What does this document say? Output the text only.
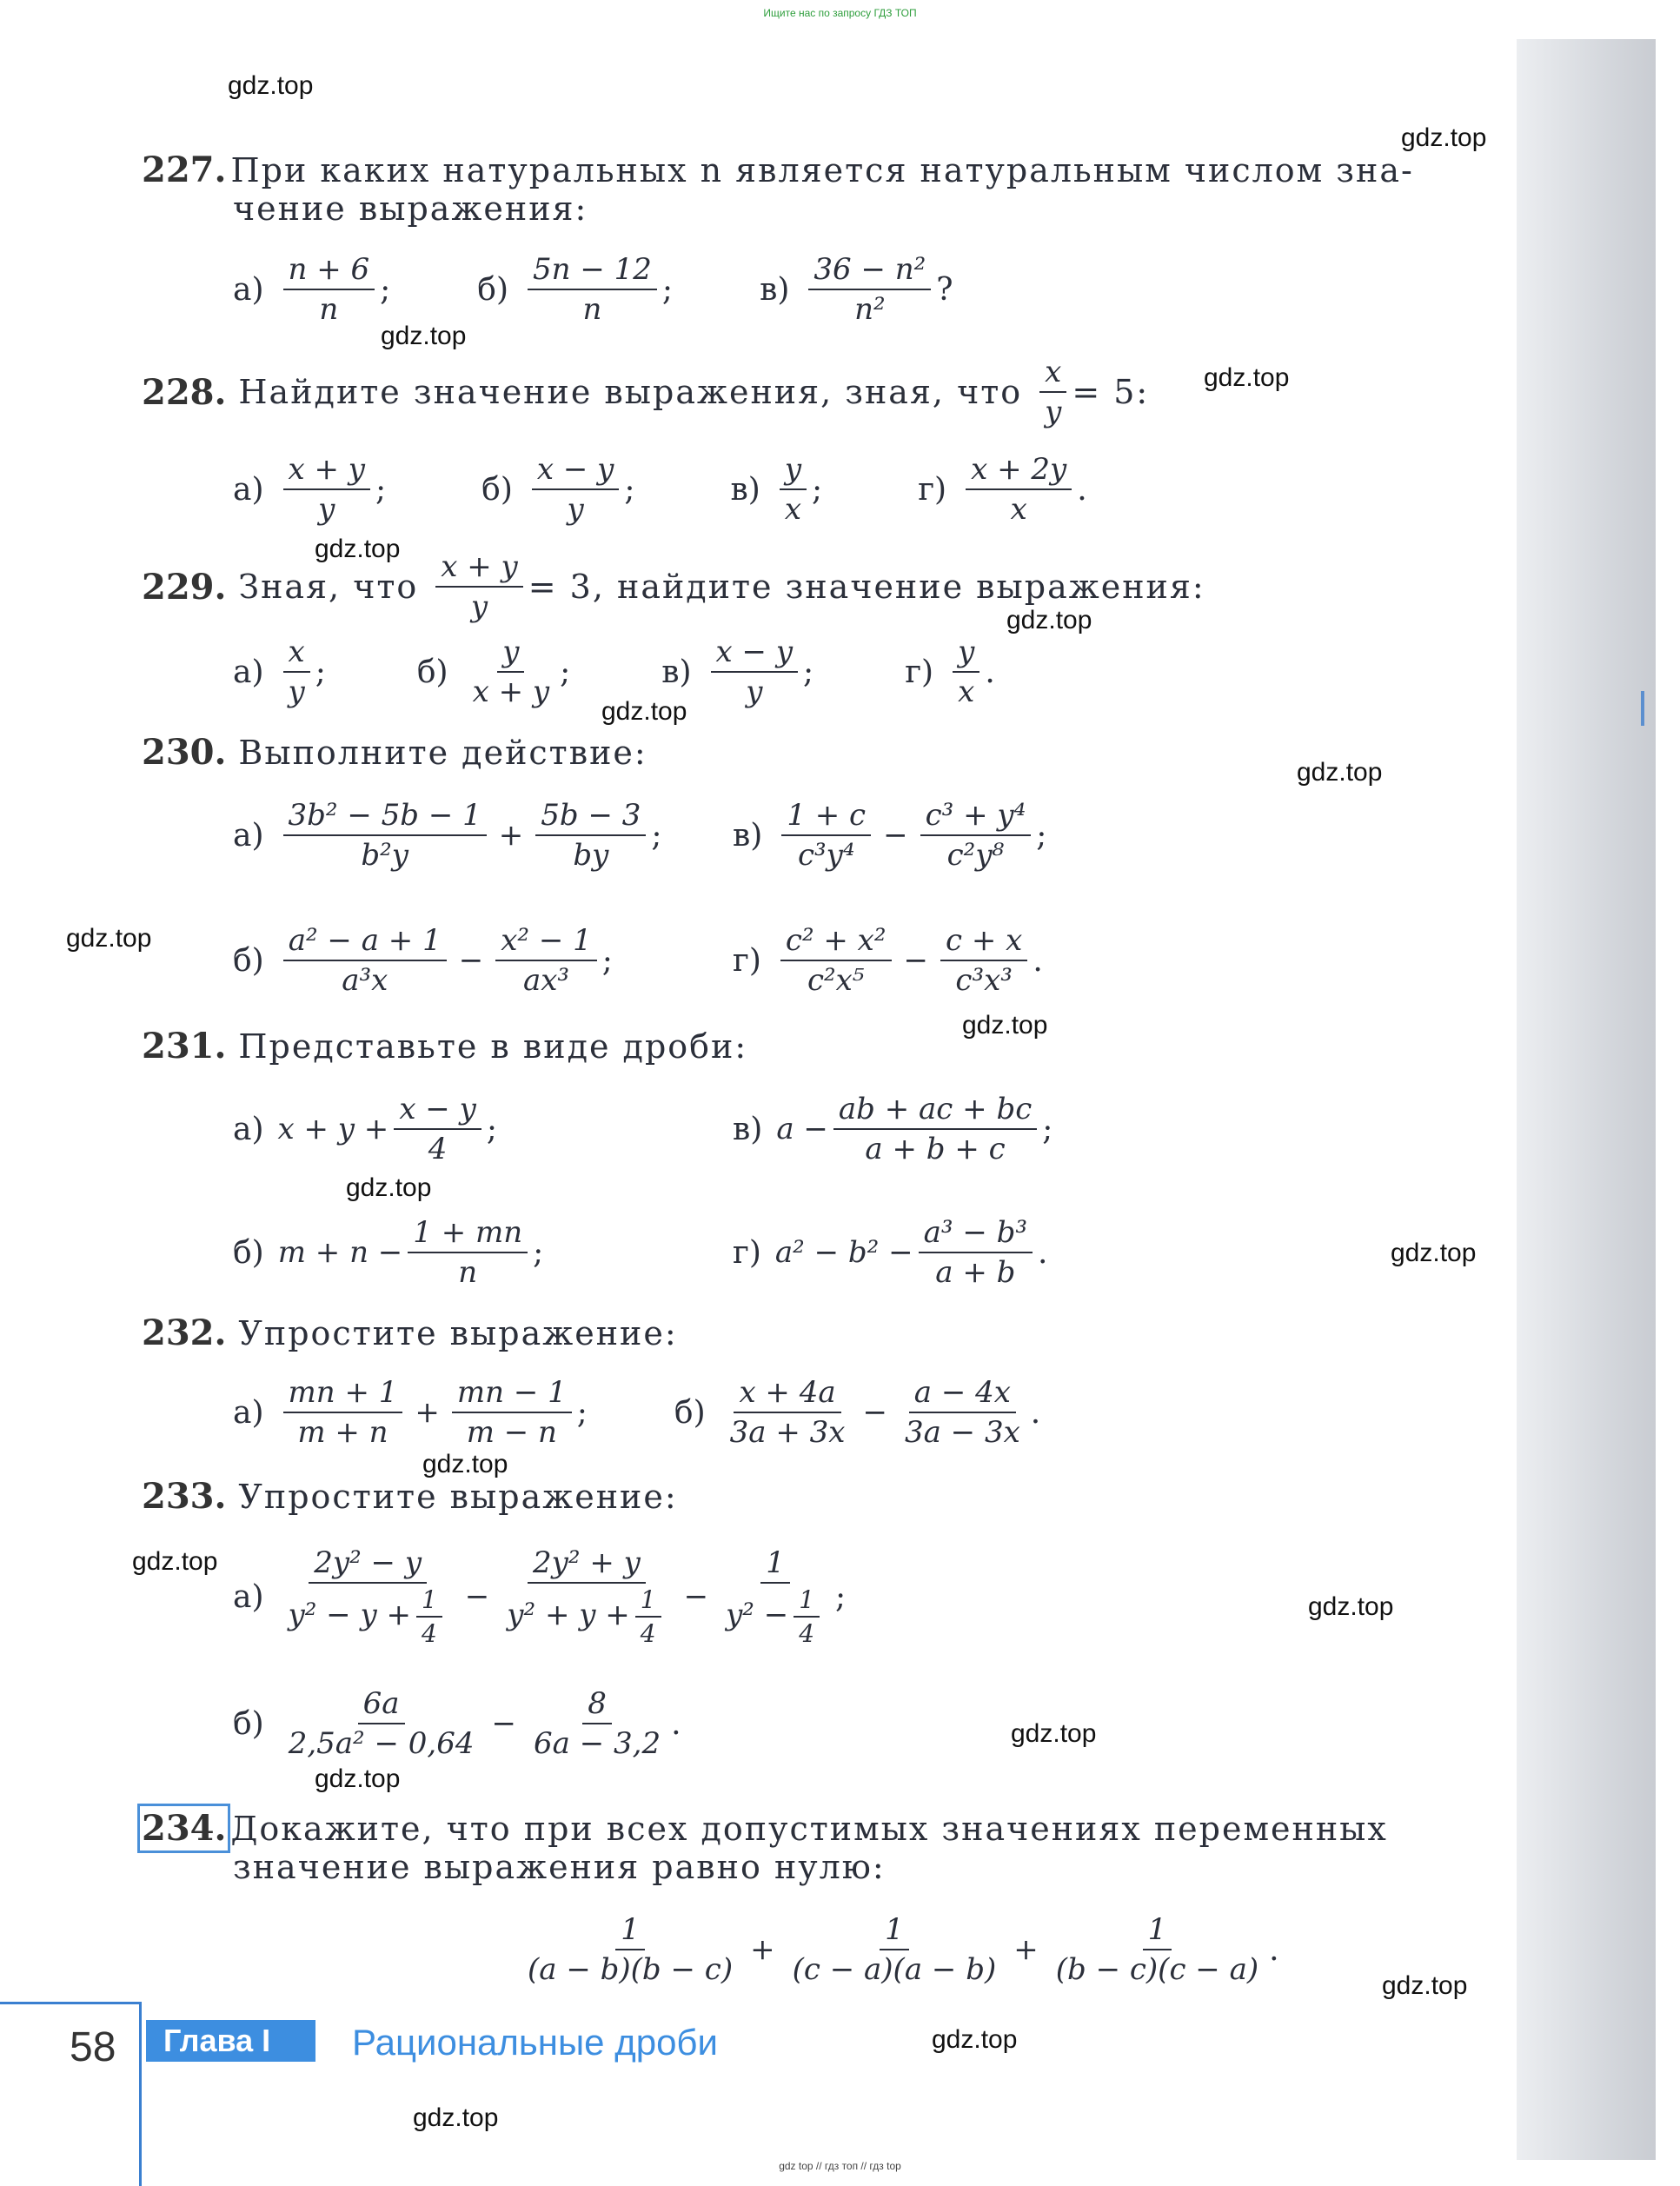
Ищите нас по запросу ГДЗ ТОП
gdz top // гдз топ // гдз top
gdz.top
gdz.top
gdz.top
gdz.top
gdz.top
gdz.top
gdz.top
gdz.top
gdz.top
gdz.top
gdz.top
gdz.top
gdz.top
gdz.top
gdz.top
gdz.top
gdz.top
gdz.top
gdz.top
gdz.top
227. При каких натуральных n является натуральным числом зна-
чение выражения:
$а) \frac{n + 6}{n}$ ;	$б) \frac{5n - 12}{n}$ ;	$в) \frac{\text{36 − n²}}{\text{n²}}$ ?
228. Найдите значение выражения, зная, что $\frac{x}{y} = 5$:
$а) \frac{x + y}{y}$ ;	$б) \frac{x - y}{y}$ ;	$в) \frac{y}{x}$ ;	$г) \frac{x + 2y}{x}$ .
229. Зная, что $\frac{x + y}{y} = 3$, найдите значение выражения:
$а) \frac{x}{y}$ ;	$б) \frac{y}{x + y}$ ;	$в) \frac{x - y}{y}$ ;	$г) \frac{y}{x}$ .
230. Выполните действие:
$а) \frac{\text{3b² − 5b − 1}}{\text{b²y}} + \frac{5b - 3}{by}$ ; $в) \frac{1 + c}{\text{c³y⁴}} - \frac{\text{c³ + y⁴}}{\text{c²y⁸}}$ ;
$б) \frac{\text{a² − a + 1}}{\text{a³x}} - \frac{\text{x² − 1}}{\text{ax³}}$ ;	$г) \frac{\text{c² + x²}}{\text{c²x⁵}} - \frac{c + x}{\text{c³x³}}$ .
231. Представьте в виде дроби:
а) $x + y + \frac{x - y}{4}$ ;	в) $a - \frac{ab + ac + bc}{a + b + c}$ ;
б) $m + n - \frac{1 + mn}{n}$ ;	г) $a^2 - b^2 - \frac{\text{a³ − b³}}{a + b}$ .
232. Упростите выражение:
$а) \frac{mn + 1}{m + n} + \frac{mn - 1}{m - n}$ ;	$б) \frac{x + 4a}{3a + 3x} - \frac{a - 4x}{3a - 3x}$ .
233. Упростите выражение:
$а) \frac{\text{2y² − y}}{y^2 - y + \frac{1}{4}} - \frac{\text{2y² + y}}{y^2 + y + \frac{1}{4}} - \frac{1}{y^2 - \frac{1}{4}}$ ;
$б) \frac{6a}{\text{2,5a² − 0,64}} - \frac{8}{6a - 3,2}$ .
234. Докажите, что при всех допустимых значениях переменных
значение выражения равно нулю:
$\frac{1}{(a - b)(b - c)} + \frac{1}{(c - a)(a - b)} + \frac{1}{(b - c)(c - a)}$ .
58	Глава I	Рациональные дроби
